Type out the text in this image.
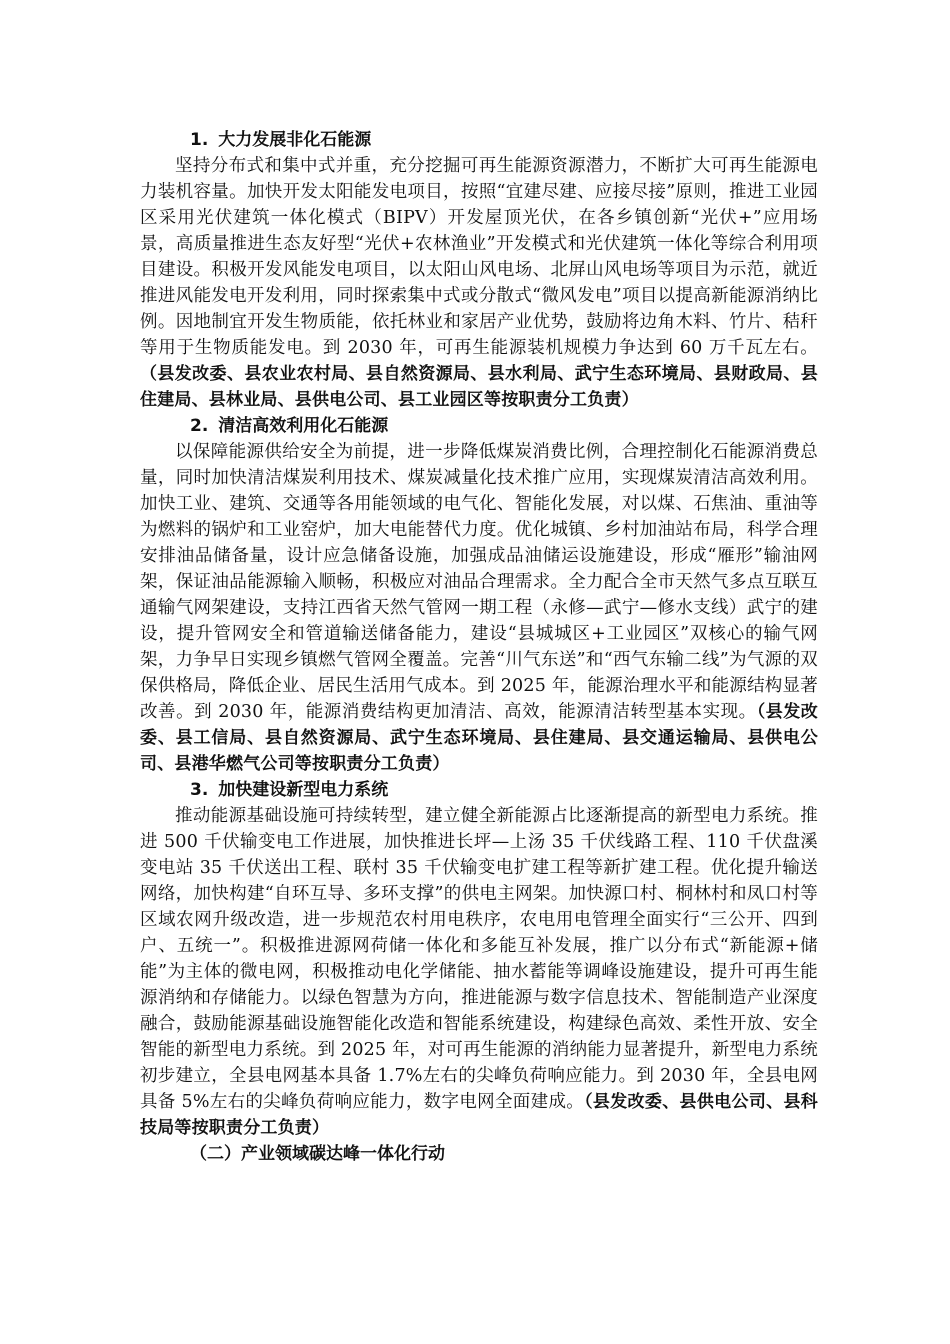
1. 大力发展非化石能源

坚持分布式和集中式并重，充分挖掘可再生能源资源潜力，不断扩大可再生能源电力装机容量。加快开发太阳能发电项目，按照“宜建尽建、应接尽接”原则，推进工业园区采用光伏建筑一体化模式（BIPV）开发屋顶光伏，在各乡镇创新“光伏+”应用场景，高质量推进生态友好型“光伏+农林渔业”开发模式和光伏建筑一体化等综合利用项目建设。积极开发风能发电项目，以太阳山风电场、北屏山风电场等项目为示范，就近推进风能发电开发利用，同时探索集中式或分散式“微风发电”项目以提高新能源消纳比例。因地制宜开发生物质能，依托林业和家居产业优势，鼓励将边角木料、竹片、秸秆等用于生物质能发电。到 2030 年，可再生能源装机规模力争达到 60 万千瓦左右。（县发改委、县农业农村局、县自然资源局、县水利局、武宁生态环境局、县财政局、县住建局、县林业局、县供电公司、县工业园区等按职责分工负责）

2. 清洁高效利用化石能源

以保障能源供给安全为前提，进一步降低煤炭消费比例，合理控制化石能源消费总量，同时加快清洁煤炭利用技术、煤炭减量化技术推广应用，实现煤炭清洁高效利用。加快工业、建筑、交通等各用能领域的电气化、智能化发展，对以煤、石焦油、重油等为燃料的锅炉和工业窑炉，加大电能替代力度。优化城镇、乡村加油站布局，科学合理安排油品储备量，设计应急储备设施，加强成品油储运设施建设，形成“雁形”输油网架，保证油品能源输入顺畅，积极应对油品合理需求。全力配合全市天然气多点互联互通输气网架建设，支持江西省天然气管网一期工程（永修—武宁—修水支线）武宁的建设，提升管网安全和管道输送储备能力，建设“县城城区+工业园区”双核心的输气网架，力争早日实现乡镇燃气管网全覆盖。完善“川气东送”和“西气东输二线”为气源的双保供格局，降低企业、居民生活用气成本。到 2025 年，能源治理水平和能源结构显著改善。到 2030 年，能源消费结构更加清洁、高效，能源清洁转型基本实现。（县发改委、县工信局、县自然资源局、武宁生态环境局、县住建局、县交通运输局、县供电公司、县港华燃气公司等按职责分工负责）

3. 加快建设新型电力系统

推动能源基础设施可持续转型，建立健全新能源占比逐渐提高的新型电力系统。推进 500 千伏输变电工作进展，加快推进长坪—上汤 35 千伏线路工程、110 千伏盘溪变电站 35 千伏送出工程、联村 35 千伏输变电扩建工程等新扩建工程。优化提升输送网络，加快构建“自环互导、多环支撑”的供电主网架。加快源口村、桐林村和凤口村等区域农网升级改造，进一步规范农村用电秩序，农电用电管理全面实行“三公开、四到户、五统一”。积极推进源网荷储一体化和多能互补发展，推广以分布式“新能源+储能”为主体的微电网，积极推动电化学储能、抽水蓄能等调峰设施建设，提升可再生能源消纳和存储能力。以绿色智慧为方向，推进能源与数字信息技术、智能制造产业深度融合，鼓励能源基础设施智能化改造和智能系统建设，构建绿色高效、柔性开放、安全智能的新型电力系统。到 2025 年，对可再生能源的消纳能力显著提升，新型电力系统初步建立，全县电网基本具备 1.7%左右的尖峰负荷响应能力。到 2030 年，全县电网具备 5%左右的尖峰负荷响应能力，数字电网全面建成。（县发改委、县供电公司、县科技局等按职责分工负责）

（二）产业领域碳达峰一体化行动
